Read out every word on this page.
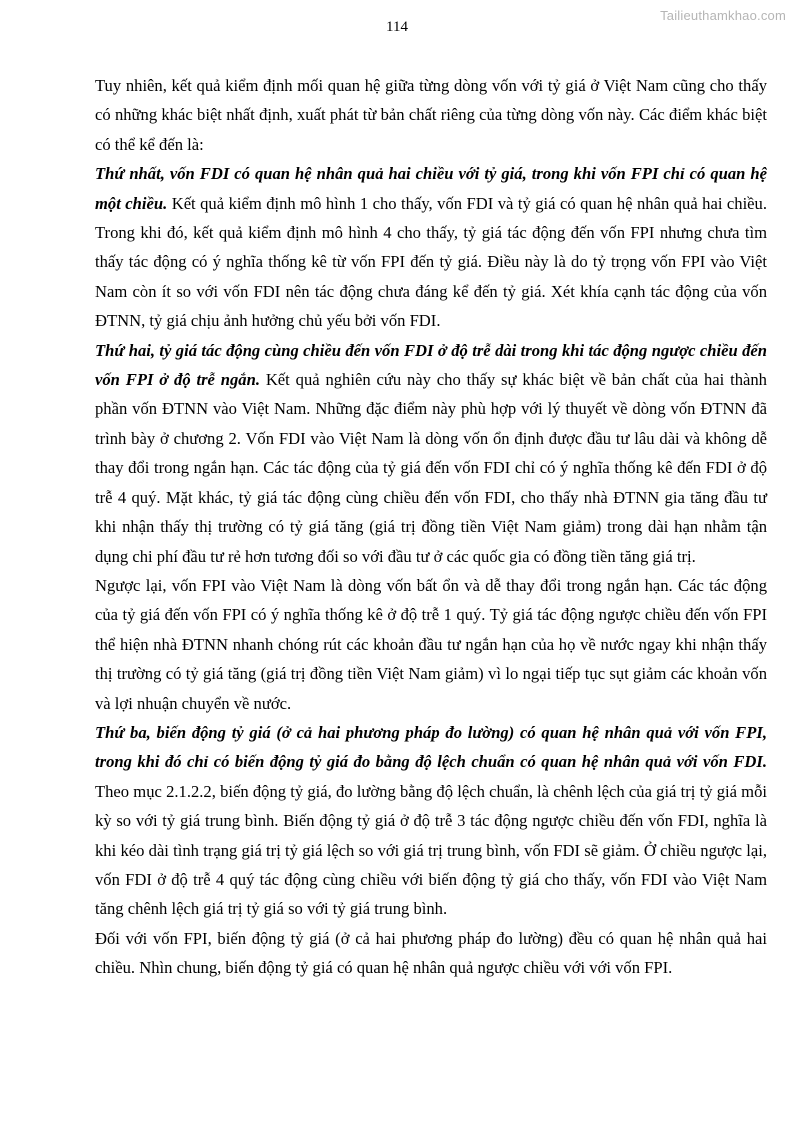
Tailieuthamkhao.com
114

Tuy nhiên, kết quả kiểm định mối quan hệ giữa từng dòng vốn với tỷ giá ở Việt Nam cũng cho thấy có những khác biệt nhất định, xuất phát từ bản chất riêng của từng dòng vốn này. Các điểm khác biệt có thể kể đến là:

Thứ nhất, vốn FDI có quan hệ nhân quả hai chiều với tỷ giá, trong khi vốn FPI chỉ có quan hệ một chiều. Kết quả kiểm định mô hình 1 cho thấy, vốn FDI và tỷ giá có quan hệ nhân quả hai chiều. Trong khi đó, kết quả kiểm định mô hình 4 cho thấy, tỷ giá tác động đến vốn FPI nhưng chưa tìm thấy tác động có ý nghĩa thống kê từ vốn FPI đến tỷ giá. Điều này là do tỷ trọng vốn FPI vào Việt Nam còn ít so với vốn FDI nên tác động chưa đáng kể đến tỷ giá. Xét khía cạnh tác động của vốn ĐTNN, tỷ giá chịu ảnh hưởng chủ yếu bởi vốn FDI.

Thứ hai, tỷ giá tác động cùng chiều đến vốn FDI ở độ trễ dài trong khi tác động ngược chiều đến vốn FPI ở độ trễ ngắn. Kết quả nghiên cứu này cho thấy sự khác biệt về bản chất của hai thành phần vốn ĐTNN vào Việt Nam. Những đặc điểm này phù hợp với lý thuyết về dòng vốn ĐTNN đã trình bày ở chương 2. Vốn FDI vào Việt Nam là dòng vốn ổn định được đầu tư lâu dài và không dễ thay đổi trong ngắn hạn. Các tác động của tỷ giá đến vốn FDI chỉ có ý nghĩa thống kê đến FDI ở độ trễ 4 quý. Mặt khác, tỷ giá tác động cùng chiều đến vốn FDI, cho thấy nhà ĐTNN gia tăng đầu tư khi nhận thấy thị trường có tỷ giá tăng (giá trị đồng tiền Việt Nam giảm) trong dài hạn nhằm tận dụng chi phí đầu tư rẻ hơn tương đối so với đầu tư ở các quốc gia có đồng tiền tăng giá trị.

Ngược lại, vốn FPI vào Việt Nam là dòng vốn bất ổn và dễ thay đổi trong ngắn hạn. Các tác động của tỷ giá đến vốn FPI có ý nghĩa thống kê ở độ trễ 1 quý. Tỷ giá tác động ngược chiều đến vốn FPI thể hiện nhà ĐTNN nhanh chóng rút các khoản đầu tư ngắn hạn của họ về nước ngay khi nhận thấy thị trường có tỷ giá tăng (giá trị đồng tiền Việt Nam giảm) vì lo ngại tiếp tục sụt giảm các khoản vốn và lợi nhuận chuyển về nước.

Thứ ba, biến động tỷ giá (ở cả hai phương pháp đo lường) có quan hệ nhân quả với vốn FPI, trong khi đó chỉ có biến động tỷ giá đo bằng độ lệch chuẩn có quan hệ nhân quả với vốn FDI. Theo mục 2.1.2.2, biến động tỷ giá, đo lường bằng độ lệch chuẩn, là chênh lệch của giá trị tỷ giá mỗi kỳ so với tỷ giá trung bình. Biến động tỷ giá ở độ trễ 3 tác động ngược chiều đến vốn FDI, nghĩa là khi kéo dài tình trạng giá trị tỷ giá lệch so với giá trị trung bình, vốn FDI sẽ giảm. Ở chiều ngược lại, vốn FDI ở độ trễ 4 quý tác động cùng chiều với biến động tỷ giá cho thấy, vốn FDI vào Việt Nam tăng chênh lệch giá trị tỷ giá so với tỷ giá trung bình.

Đối với vốn FPI, biến động tỷ giá (ở cả hai phương pháp đo lường) đều có quan hệ nhân quả hai chiều. Nhìn chung, biến động tỷ giá có quan hệ nhân quả ngược chiều với với vốn FPI.
